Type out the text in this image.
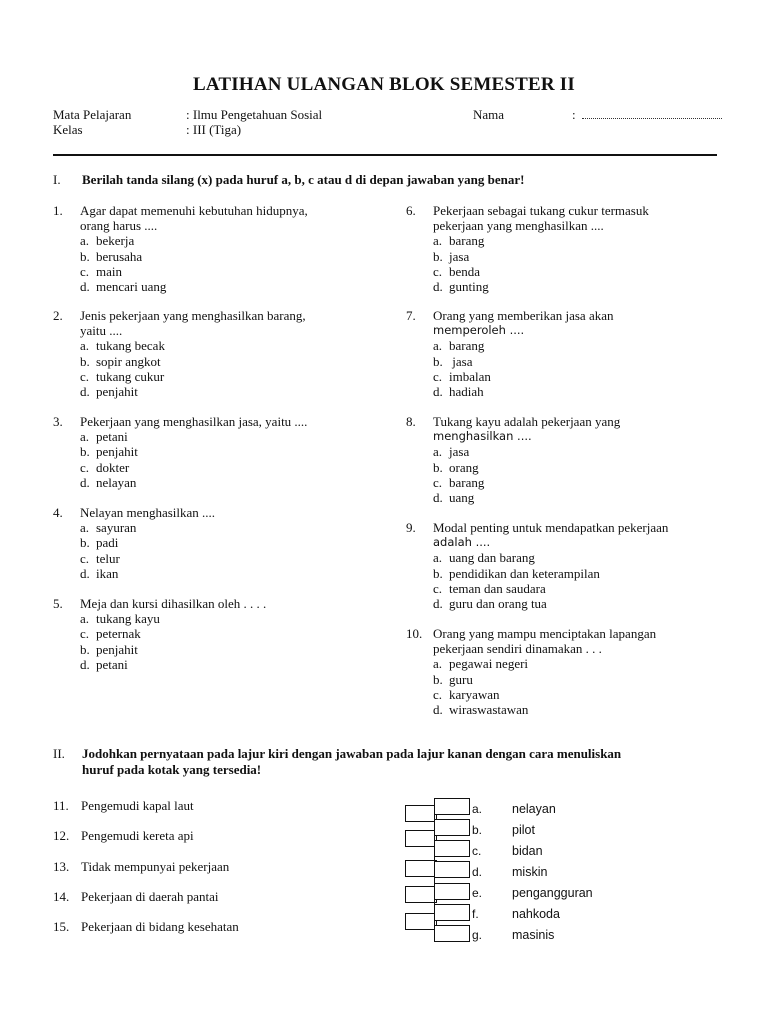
LATIHAN ULANGAN BLOK SEMESTER II
Mata Pelajaran	: Ilmu Pengetahuan Sosial
Kelas	: III (Tiga)
Nama	:
I. Berilah tanda silang (x) pada huruf a, b, c atau d di depan jawaban yang benar!
1. Agar dapat memenuhi kebutuhan hidupnya,
orang harus ....
a. bekerja
b. berusaha
c. main
d. mencari uang
2. Jenis pekerjaan yang menghasilkan barang,
yaitu ....
a. tukang becak
b. sopir angkot
c. tukang cukur
d. penjahit
3. Pekerjaan yang menghasilkan jasa, yaitu ....
a. petani
b. penjahit
c. dokter
d. nelayan
4. Nelayan menghasilkan ....
a. sayuran
b. padi
c. telur
d. ikan
5. Meja dan kursi dihasilkan oleh . . . .
a. tukang kayu
c. peternak
b. penjahit
d. petani
6. Pekerjaan sebagai tukang cukur termasuk
pekerjaan yang menghasilkan ....
a. barang
b. jasa
c. benda
d. gunting
7. Orang yang memberikan jasa akan
memperoleh ....
a. barang
b. jasa
c. imbalan
d. hadiah
8. Tukang kayu adalah pekerjaan yang
menghasilkan ....
a. jasa
b. orang
c. barang
d. uang
9. Modal penting untuk mendapatkan pekerjaan
adalah ....
a. uang dan barang
b. pendidikan dan keterampilan
c. teman dan saudara
d. guru dan orang tua
10. Orang yang mampu menciptakan lapangan
pekerjaan sendiri dinamakan . . .
a. pegawai negeri
b. guru
c. karyawan
d. wiraswastawan
II. Jodohkan pernyataan pada lajur kiri dengan jawaban pada lajur kanan dengan cara menuliskan
huruf pada kotak yang tersedia!
11. Pengemudi kapal laut
12. Pengemudi kereta api
13. Tidak mempunyai pekerjaan
14. Pekerjaan di daerah pantai
15. Pekerjaan di bidang kesehatan
a. nelayan
b. pilot
c. bidan
d. miskin
e. pengangguran
f.	nahkoda
g. masinis
